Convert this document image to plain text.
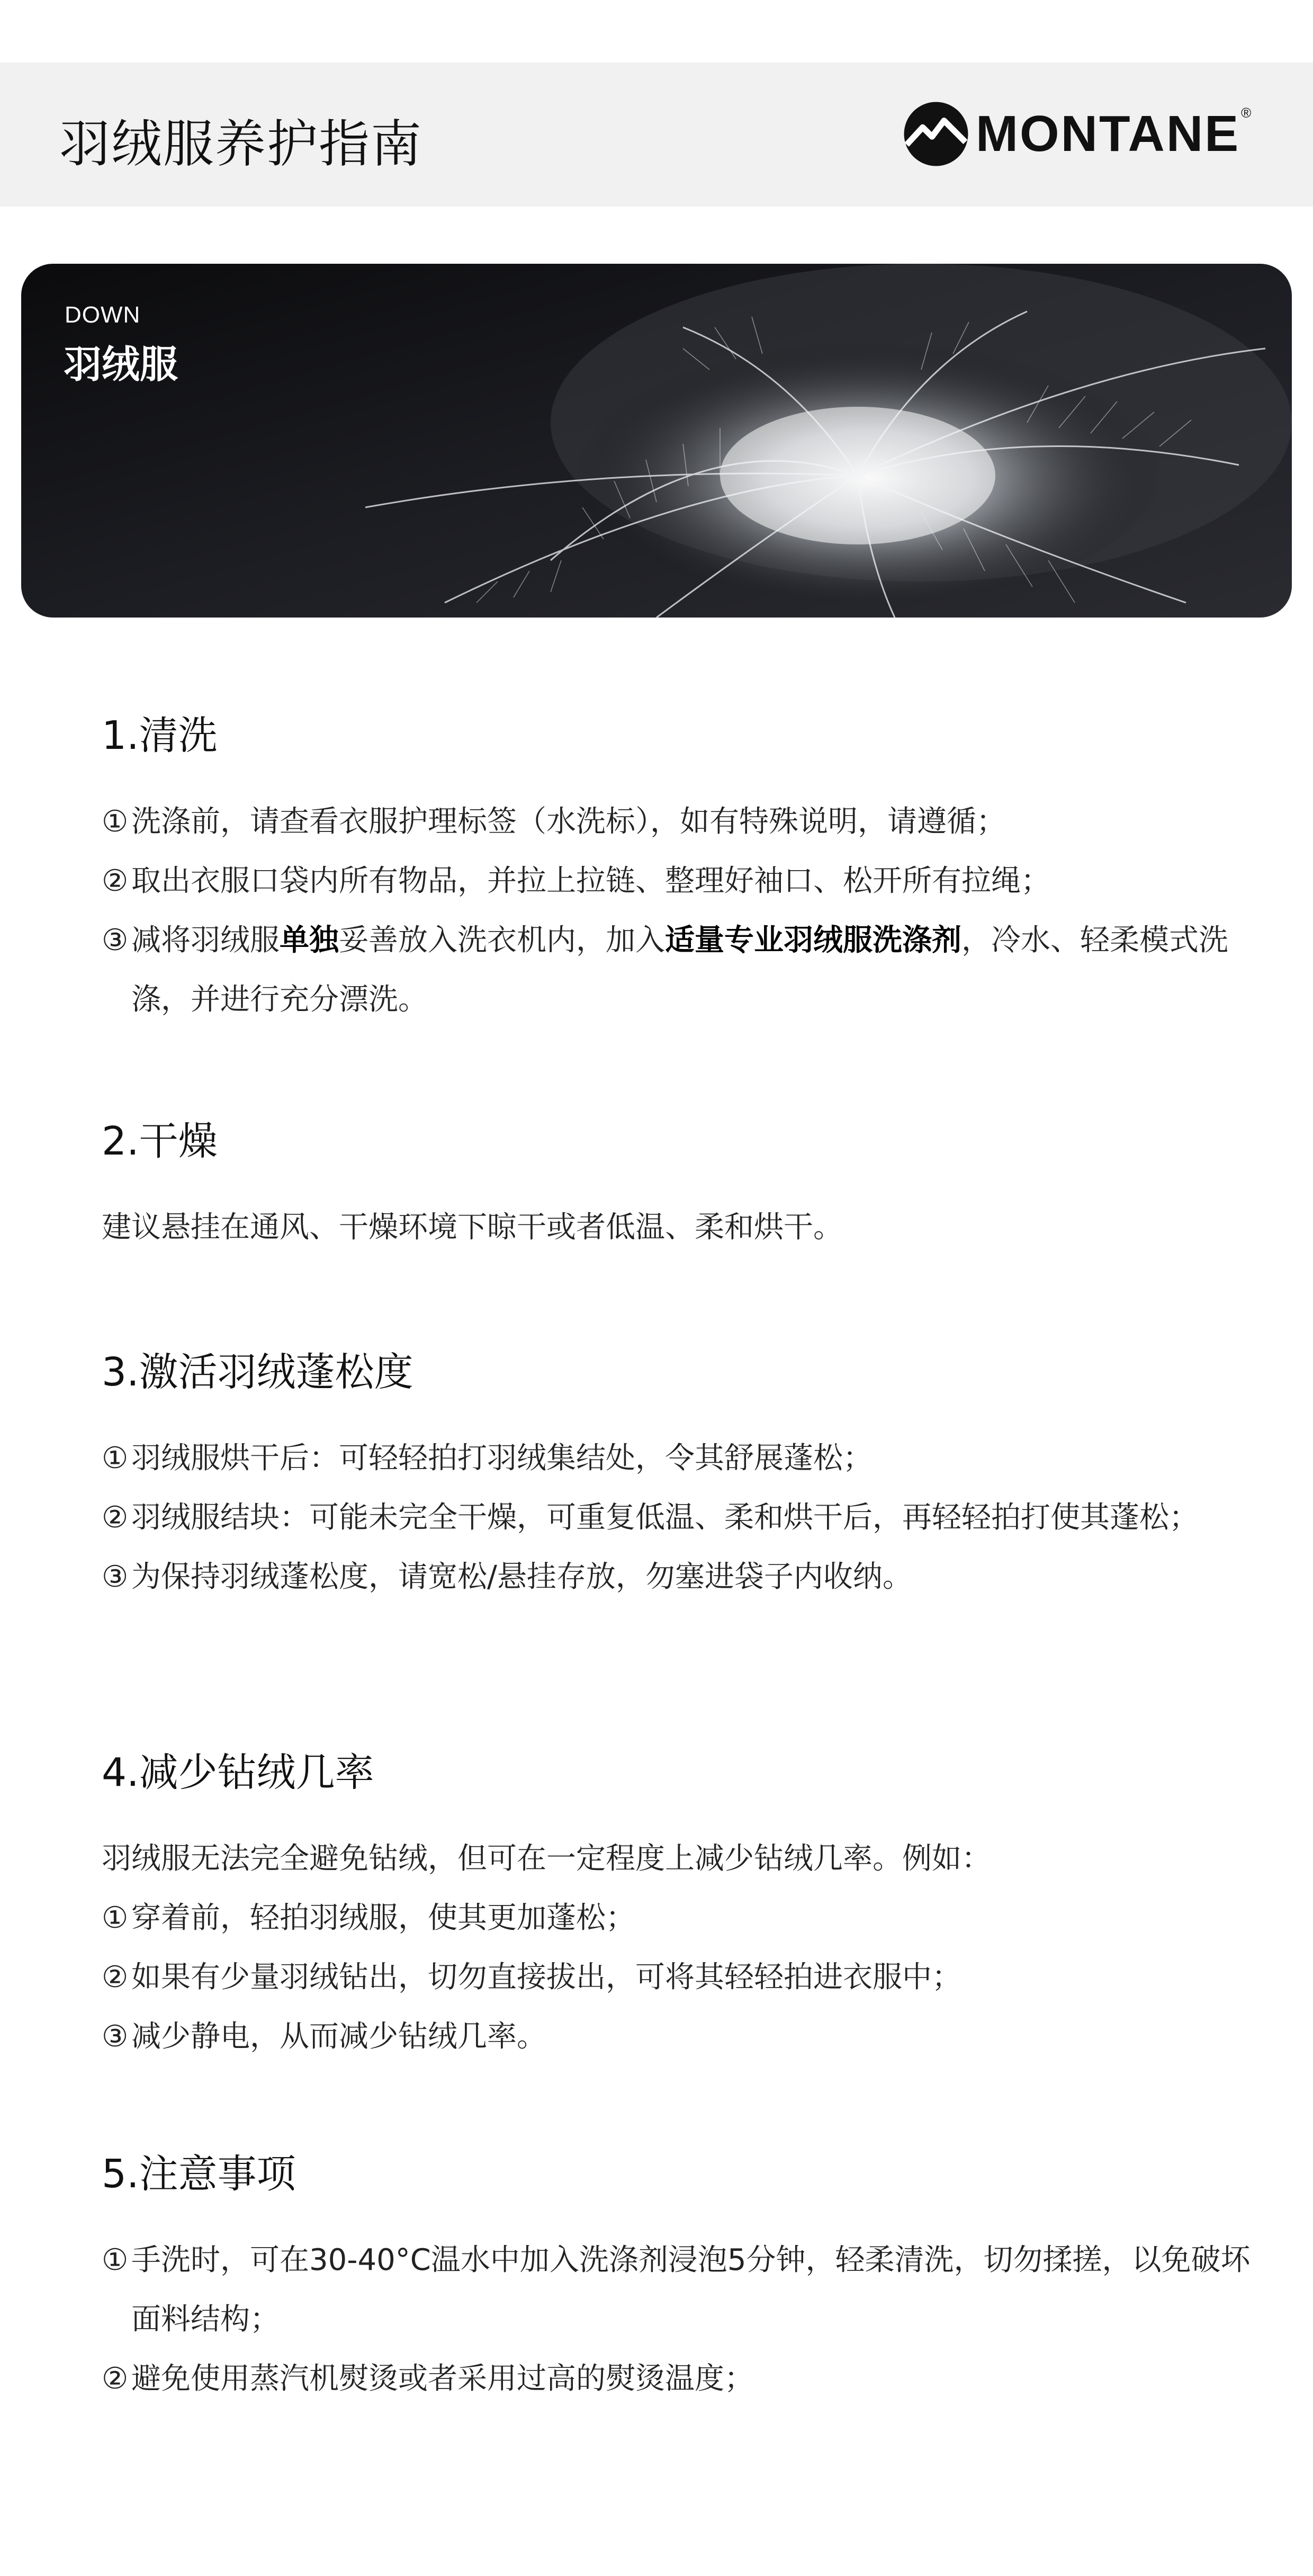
羽绒服养护指南	MONTANE®
DOWN
羽绒服
1.清洗

① 洗涤前，请查看衣服护理标签（水洗标），如有特殊说明，请遵循；

② 取出衣服口袋内所有物品，并拉上拉链、整理好袖口、松开所有拉绳；

③ 减将羽绒服单独妥善放入洗衣机内，加入适量专业羽绒服洗涤剂，冷水、轻柔模式洗涤，并进行充分漂洗。

2.干燥

建议悬挂在通风、干燥环境下晾干或者低温、柔和烘干。

3.激活羽绒蓬松度

① 羽绒服烘干后：可轻轻拍打羽绒集结处，令其舒展蓬松；

② 羽绒服结块：可能未完全干燥，可重复低温、柔和烘干后，再轻轻拍打使其蓬松；

③ 为保持羽绒蓬松度，请宽松/悬挂存放，勿塞进袋子内收纳。

4.减少钻绒几率

羽绒服无法完全避免钻绒，但可在一定程度上减少钻绒几率。例如：

① 穿着前，轻拍羽绒服，使其更加蓬松；

② 如果有少量羽绒钻出，切勿直接拔出，可将其轻轻拍进衣服中；

③ 减少静电，从而减少钻绒几率。

5.注意事项

① 手洗时，可在30-40°C温水中加入洗涤剂浸泡5分钟，轻柔清洗，切勿揉搓，以免破坏面料结构；

② 避免使用蒸汽机熨烫或者采用过高的熨烫温度；
